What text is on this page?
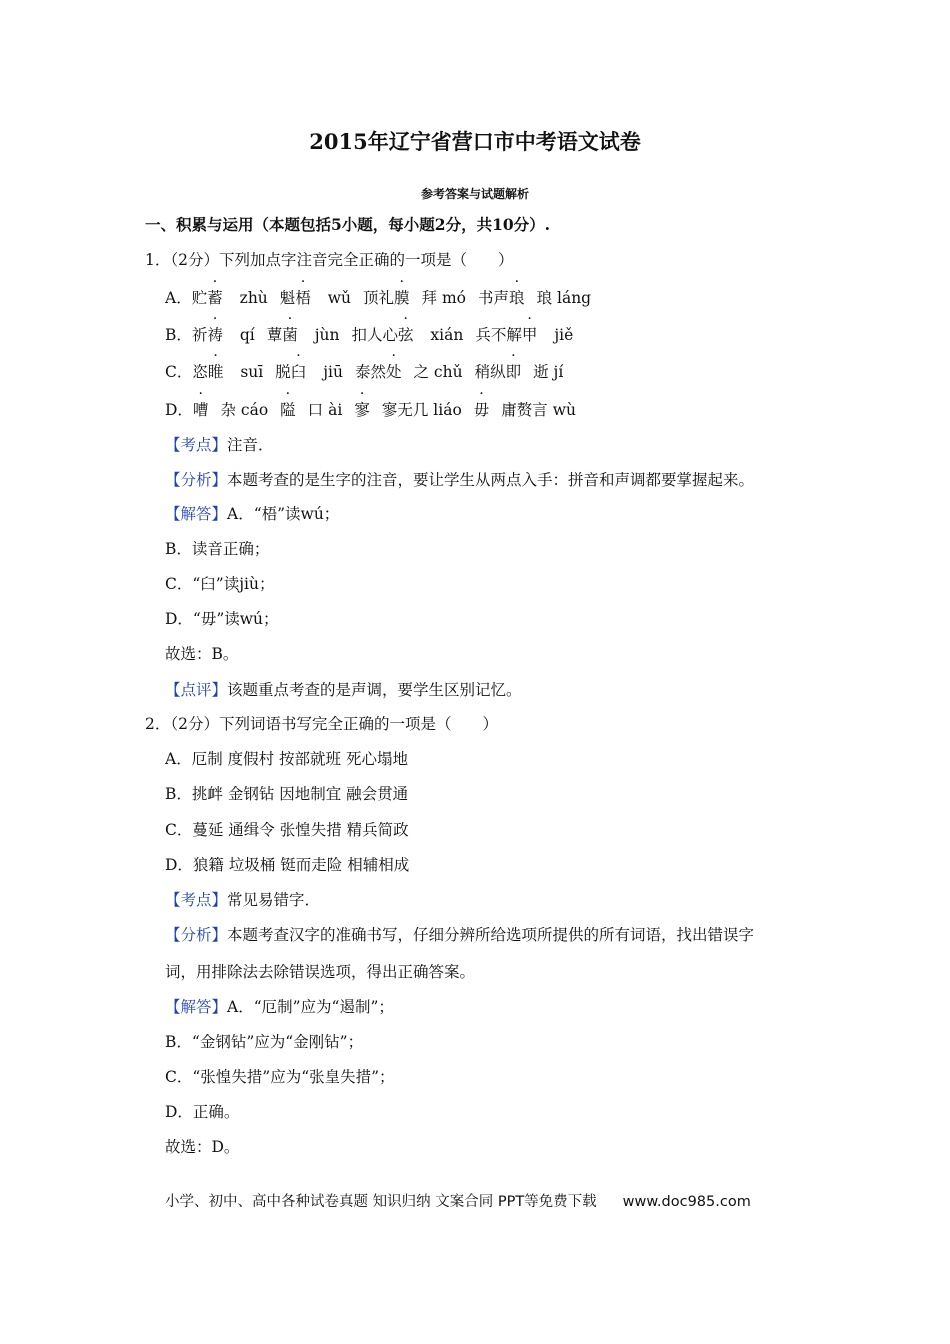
2015年辽宁省营口市中考语文试卷
参考答案与试题解析
一、积累与运用（本题包括5小题，每小题2分，共10分）.
1．（2分）下列加点字注音完全正确的一项是（　　）
A．贮蓄 zhù 魁梧 wǔ 顶礼膜 拜 mó 书声琅 琅 láng
B．祈祷 qí 蕈菌 jùn 扣人心弦 xián 兵不解甲 jiě
C．恣睢 suī 脱臼 jiū 泰然处 之 chǔ 稍纵即 逝 jí
D．嘈 杂 cáo 隘 口 ài 寥 寥无几 liáo 毋 庸赘言 wù
【考点】注音．
【分析】本题考查的是生字的注音，要让学生从两点入手：拼音和声调都要掌握起来。
【解答】A．“梧”读wú；
B．读音正确；
C．“臼”读jiù；
D．“毋”读wú；
故选：B。
【点评】该题重点考查的是声调，要学生区别记忆。
2．（2分）下列词语书写完全正确的一项是（　　）
A．厄制 度假村 按部就班 死心塌地
B．挑衅 金钢钻 因地制宜 融会贯通
C．蔓延 通缉令 张惶失措 精兵简政
D．狼籍 垃圾桶 铤而走险 相辅相成
【考点】常见易错字．
【分析】本题考查汉字的准确书写，仔细分辨所给选项所提供的所有词语，找出错误字
词，用排除法去除错误选项，得出正确答案。
【解答】A．“厄制”应为“遏制”；
B．“金钢钻”应为“金刚钻”；
C．“张惶失措”应为“张皇失措”；
D．正确。
故选：D。
小学、初中、高中各种试卷真题 知识归纳 文案合同 PPT等免费下载 www.doc985.com
